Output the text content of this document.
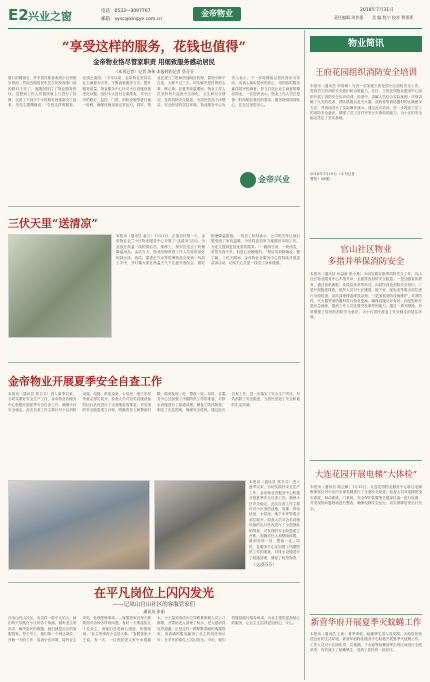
E2 兴业之窗	电话：0533—3097767
邮箱：xysc@xingye.com.cn
金帝物业	2018年7月31日
责任编辑 周作强 美 编 程宁 校对 费勇勇
“享受这样的服务，花钱也值得”
金帝物业恪尽管家职责 用细致服务感动居民
（本刊记者）记者 周伟 本报特约记者 蔡芬芬
夏日的晚饭后，许多居民都喜欢到小区里散步纳凉，然而近期居民朱先生却发现家门前的路灯不亮了。他随即拨打了物业服务热线，没想到工作人员很快就上门进行了检修，仅用了不到半个小时路灯就重新亮了起来。朱先生感慨地说：“享受这样的服务，花钱也值得。”今年以来，金帝物业坚持以业主满意为宗旨，不断创新服务方式，提升服务质量。物业服务中心针对小区设施设备老化问题，组织专人进行全面排查，对小区内的路灯、监控、门禁、消防设施等进行逐一检修，确保设施设备正常运行。同时，物业还建立了报修快速响应机制，做到小修不过夜、大修不过三天，切实解决居民的烦心事、揪心事。在夏季高温期间，物业工作人员坚持每天巡查小区绿化、卫生和安全情况，及时消除安全隐患，为居民营造干净整洁、安全舒适的居住环境。物业服务中心负责人表示，下一步将继续以居民需求为导向，用真心换取居民的放心，用细致的服务赢得居民的满意，努力打造让业主满意的精品物业。一位居民表示，物业工作人员总是第一时间响应我们的需求，服务特别周到贴心，住在这里很安心。
金帝兴业
物业简讯
王府花园组织消防安全培训
本报讯（通讯员 李春梅）为进一步加强王府花园小区消防安全工作，提高员工的消防安全意识和自救能力，近日，王府花园物业服务中心组织开展了消防安全知识培训。培训中，讲解人员结合实际案例，详细讲解了火灾的危害、预防措施以及灭火器、消防栓等消防器材的正确使用方法，并现场进行了实际操作演示。通过此次培训，进一步提高了员工的消防安全意识，增强了员工应对突发火灾事故的能力，为小区的安全稳定奠定了坚实基础。
2018年7月19日（本刊记者
曹阳）06楼）
官山社区物业
多措并举保消防安全
本报讯（通讯员 孙益甫 张小燕）为切实做好夏季消防安全工作，官山社区物业服务中心多措并举，全面排查消防安全隐患。一是加强宣传教育，通过张贴海报、发放宣传单等形式，向居民普及消防安全知识；二是开展隐患排查，组织人员对小区楼道、地下室、配电室等重点部位进行全面检查，及时清理楼道堆放杂物；三是加强消防设施维护，对消防栓、灭火器等消防器材进行检查更换，确保设施完好有效；四是组织开展应急演练，提高工作人员处置突发事件的能力。通过一系列措施，有效增强了居民的消防安全意识，为小区居民营造了安全稳定的居住环境。
大连花园开展电梯“大体检”
本报讯（通讯员 路云鹏）7月12日，大连花园物业服务中心联合电梯维保单位对小区内全部电梯进行了全面安全检查。检查人员对电梯的曳引系统、制动系统、门系统、安全保护装置等关键部位逐一进行检测，对发现的问题现场进行整改，确保电梯安全运行，切实保障居民出行安全。
新营华府开展夏季灭蚊蝇工作
本报讯（通讯员 王新）夏季来临，蚊蝇孳生进入高发期。为给居民营造良好的生活环境，新营华府物业服务中心积极开展夏季灭蚊蝇工作。工作人员对小区绿化带、垃圾桶、下水道等蚊蝇易孳生的区域进行全面消杀，有效减少了蚊蝇孳生，受到了居民的一致好评。
三伏天里“送清凉”
本报讯（通讯员 童立）7月21日，正值初伏第一天，金帝物业金兰小区物业服务中心开展了“送清凉”活动，为奋战在高温一线的保洁员、维修工、保安员送去了防暑降温用品。活动当天，物业经理带领工作人员将准备好的绿豆汤、西瓜、藿香正气水等防暑物品分发到一线员工手中，并叮嘱大家在高温天气下注意劳逸结合，做好防暑降温措施。一线员工纷纷表示，公司的关怀让他们感受到了家的温暖，今后将更加努力地做好本职工作，为业主提供更加优质的服务。“一碗绿豆汤，一块西瓜，虽然东西不多，但是心里暖暖的。”保洁员刘阿姨说。据了解，三伏天期间，金帝物业各服务中心将持续开展送清凉活动，切实关心关爱一线员工身体健康。
金帝物业开展夏季安全自查工作
本报讯（通讯员 蔡芬芬）进入夏季以来，为切实做好安全生产工作，金帝物业各服务中心积极开展夏季安全自查工作，确保小区安全稳定。此次自查工作主要针对小区消防设施、电梯、供电设备、水泵房、地下车库等重点部位展开，检查人员对各类设施设备的运行状况进行了全面细致的排查，对发现的安全隐患建立台账，明确责任人和整改时限，做到发现一处、整改一处。同时，各服务中心还加强了汛期防汛工作的准备，对排水设施进行了疏通清理，储备了防汛物资，制定了应急预案，确保安全度汛。通过此次自查工作，进一步落实了安全生产责任，有效消除了安全隐患，为居民营造了安全和谐的生活环境。
本报讯（通讯员 蔡芬芬）进入夏季以来，为切实做好安全生产工作，金帝物业各服务中心积极开展夏季安全自查工作，确保小区安全稳定。此次自查工作主要针对小区消防设施、电梯、供电设备、水泵房、地下车库等重点部位展开，检查人员对各类设施设备的运行状况进行了全面细致的排查，对发现的安全隐患建立台账，明确责任人和整改时限，做到发现一处、整改一处。同时，各服务中心还加强了汛期防汛工作的准备，对排水设施进行了疏通清理，储备了防汛物资，
（文/蔡芬芬）
在平凡岗位上闪闪发光
——记凤山官山社区的客服管家们
通讯员 张丽
在凤山官山社区，有这样一群平凡的人，她们每天穿梭在小区的各个角落，倾听业主的诉求，解决居民的难题，她们就是社区的客服管家。每天早上，她们第一个到达岗位，开始一天的工作：巡查小区环境、接听业主来电、处理报修事项……客服管家们每天都要面对各种各样的问题，有时一天要接待几十位业主，但她们总是耐心细致、热情周到。“业主的事再小也是大事。”客服管家小王说。有一次，一位独居老人家中水管漏水，小王接到电话后立即联系维修人员上门维修，并帮助老人清理了积水，老人感动得连声道谢。正是这样一群默默奉献的客服管家，用真诚的服务赢得了业主的信任和认可，在平凡的岗位上闪闪发光。今后，她们将继续践行服务承诺，为业主提供更加贴心的服务，让业主生活得更加舒心、安心。
